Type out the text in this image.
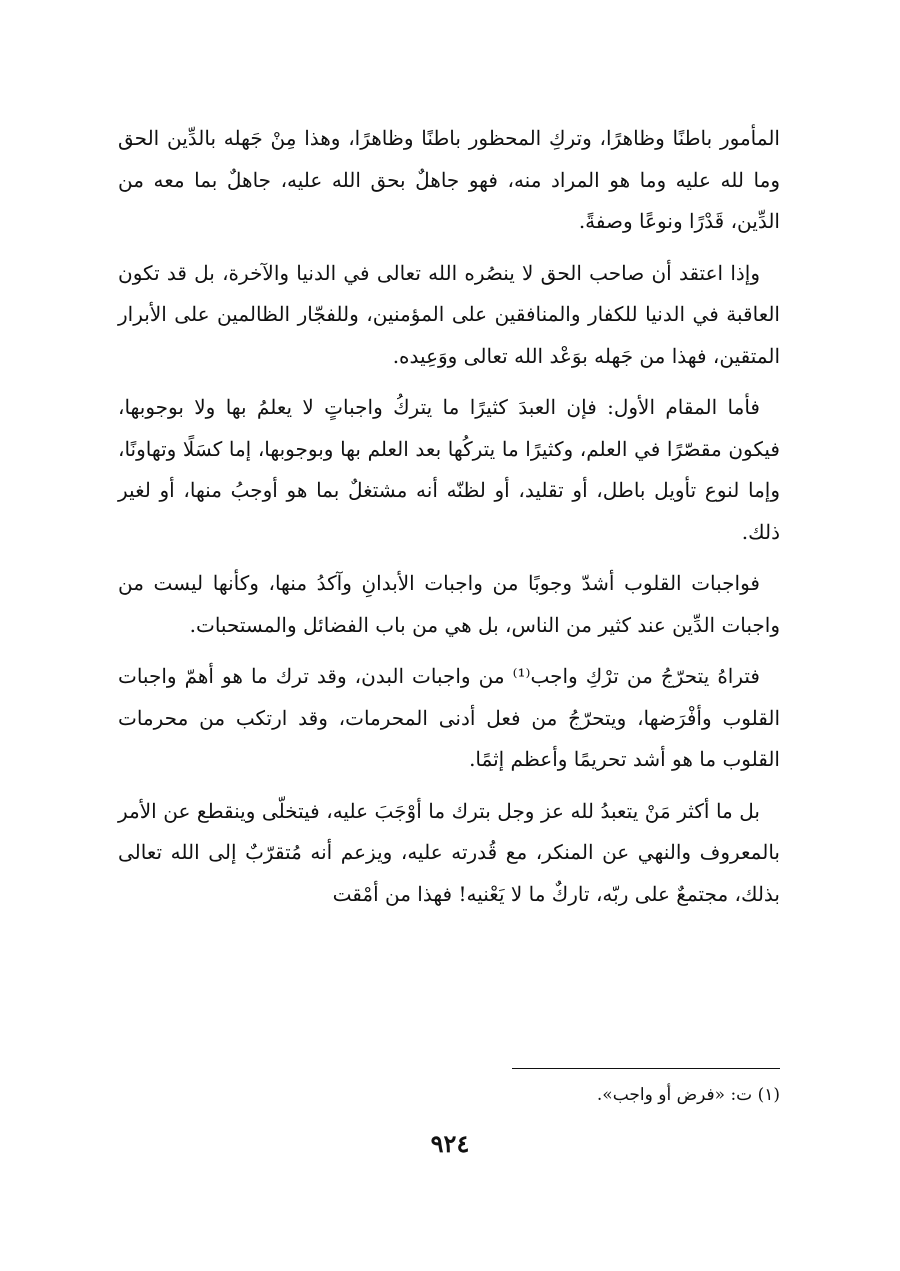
المأمور باطنًا وظاهرًا، وتركِ المحظور باطنًا وظاهرًا، وهذا مِنْ جَهله بالدِّين الحق وما لله عليه وما هو المراد منه، فهو جاهلٌ بحق الله عليه، جاهلٌ بما معه من الدِّين، قَدْرًا ونوعًا وصفةً.

وإذا اعتقد أن صاحب الحق لا ينصُره الله تعالى في الدنيا والآخرة، بل قد تكون العاقبة في الدنيا للكفار والمنافقين على المؤمنين، وللفجّار الظالمين على الأبرار المتقين، فهذا من جَهله بوَعْد الله تعالى ووَعِيده.

فأما المقام الأول: فإن العبدَ كثيرًا ما يتركُ واجباتٍ لا يعلمُ بها ولا بوجوبها، فيكون مقصّرًا في العلم، وكثيرًا ما يتركُها بعد العلم بها وبوجوبها، إما كسَلًا وتهاونًا، وإما لنوع تأويل باطل، أو تقليد، أو لظنّه أنه مشتغلٌ بما هو أوجبُ منها، أو لغير ذلك.

فواجبات القلوب أشدّ وجوبًا من واجبات الأبدانِ وآكدُ منها، وكأنها ليست من واجبات الدِّين عند كثير من الناس، بل هي من باب الفضائل والمستحبات.

فتراهُ يتحرّجُ من ترْكِ واجب⁽¹⁾ من واجبات البدن، وقد ترك ما هو أهمّ واجبات القلوب وأفْرَضها، ويتحرّجُ من فعل أدنى المحرمات، وقد ارتكب من محرمات القلوب ما هو أشد تحريمًا وأعظم إثمًا.

بل ما أكثر مَنْ يتعبدُ لله عز وجل بترك ما أوْجَبَ عليه، فيتخلّى وينقطع عن الأمر بالمعروف والنهي عن المنكر، مع قُدرته عليه، ويزعم أنه مُتقرّبٌ إلى الله تعالى بذلك، مجتمعٌ على ربّه، تاركٌ ما لا يَعْنيه! فهذا من أمْقت

(١) ت: «فرض أو واجب».
٩٢٤
